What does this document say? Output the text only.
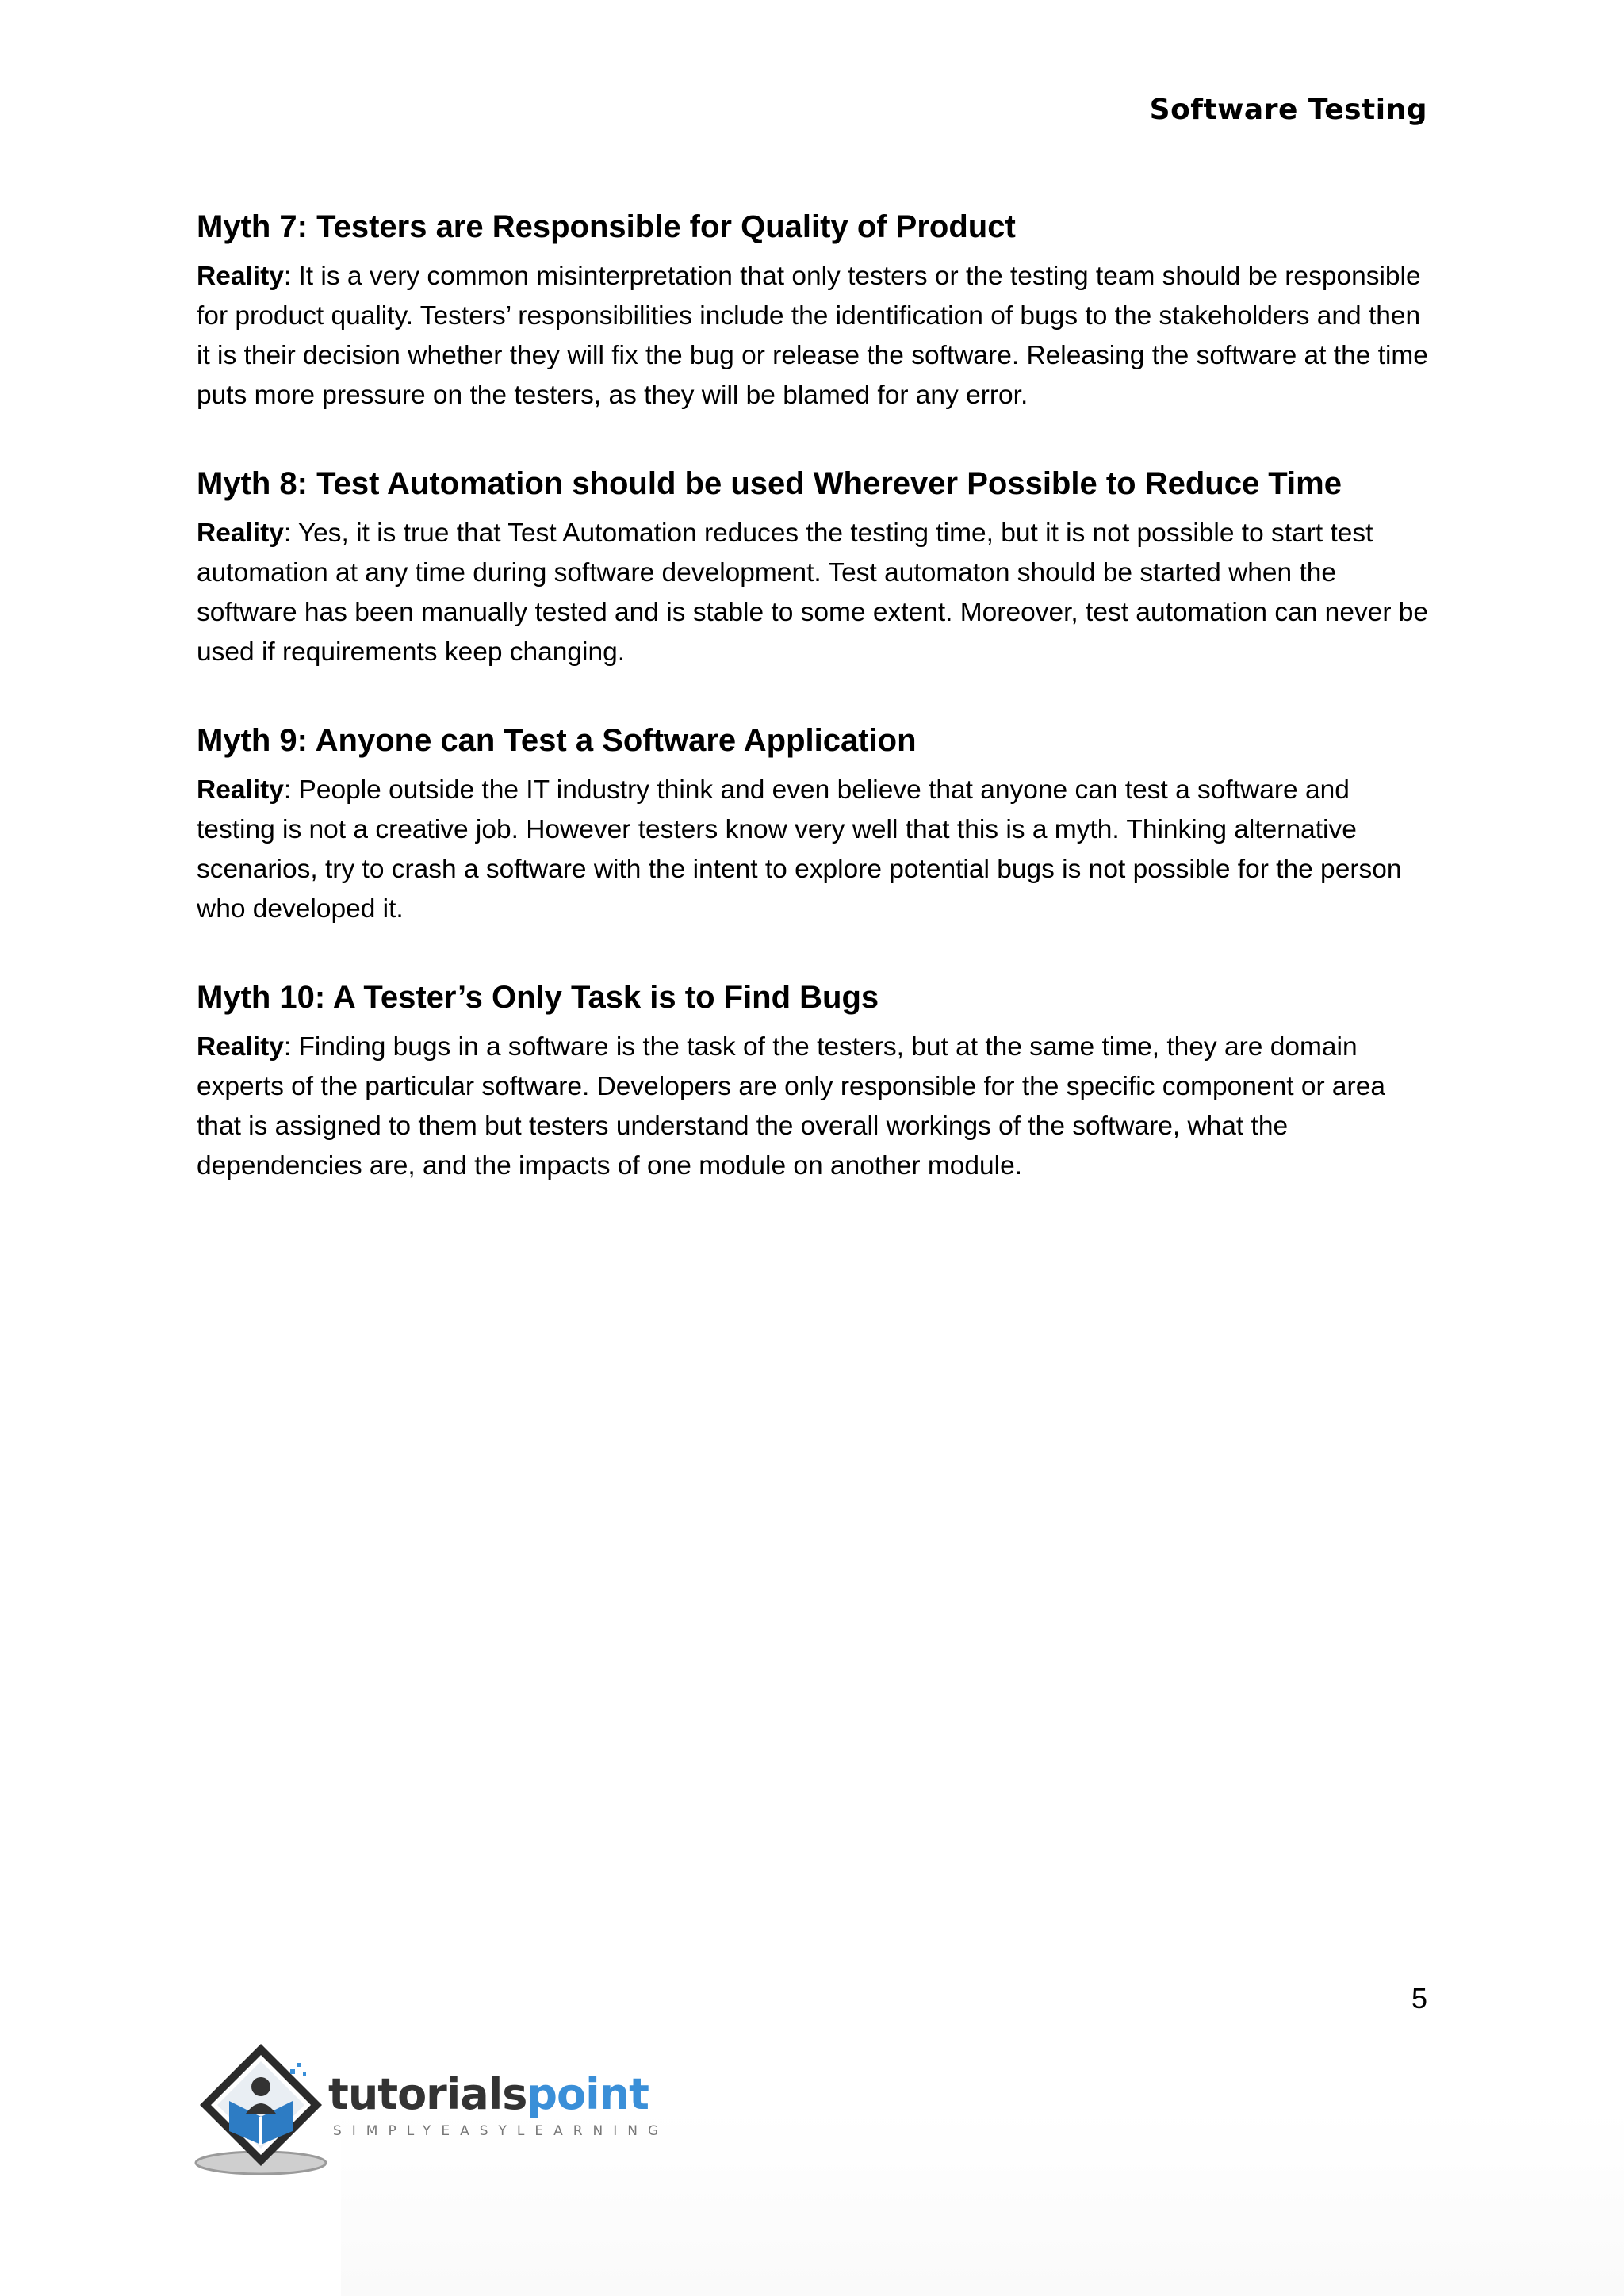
Software Testing
Myth 7: Testers are Responsible for Quality of Product

Reality: It is a very common misinterpretation that only testers or the testing team should be responsible for product quality. Testers’ responsibilities include the identification of bugs to the stakeholders and then it is their decision whether they will fix the bug or release the software. Releasing the software at the time puts more pressure on the testers, as they will be blamed for any error.

Myth 8: Test Automation should be used Wherever Possible to Reduce Time

Reality: Yes, it is true that Test Automation reduces the testing time, but it is not possible to start test automation at any time during software development. Test automaton should be started when the software has been manually tested and is stable to some extent. Moreover, test automation can never be used if requirements keep changing.

Myth 9: Anyone can Test a Software Application

Reality: People outside the IT industry think and even believe that anyone can test a software and testing is not a creative job. However testers know very well that this is a myth. Thinking alternative scenarios, try to crash a software with the intent to explore potential bugs is not possible for the person who developed it.

Myth 10: A Tester’s Only Task is to Find Bugs

Reality: Finding bugs in a software is the task of the testers, but at the same time, they are domain experts of the particular software. Developers are only responsible for the specific component or area that is assigned to them but testers understand the overall workings of the software, what the dependencies are, and the impacts of one module on another module.

5
tutorialspoint
SIMPLYEASYLEARNING
